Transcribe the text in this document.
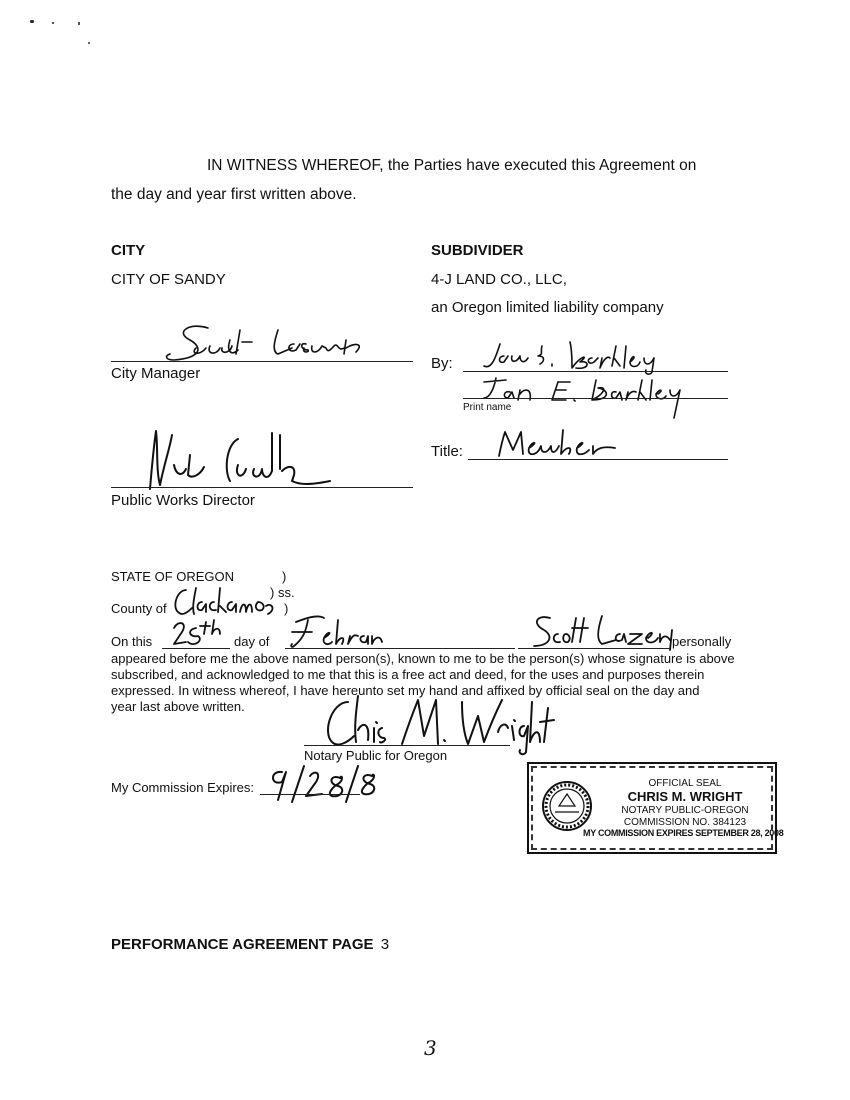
IN WITNESS WHEREOF, the Parties have executed this Agreement on
the day and year first written above.
CITY
CITY OF SANDY
City Manager
Public Works Director
SUBDIVIDER
4-J LAND CO., LLC,
an Oregon limited liability company
By:
Print name
Title:
STATE OF OREGON	)
) ss.
County of	)
On this	day of	personally
appeared before me the above named person(s), known to me to be the person(s) whose signature is above
subscribed, and acknowledged to me that this is a free act and deed, for the uses and purposes therein
expressed. In witness whereof, I have hereunto set my hand and affixed by official seal on the day and
year last above written.
Notary Public for Oregon
My Commission Expires:	OFFICIAL SEAL
CHRIS M. WRIGHT
NOTARY PUBLIC-OREGON
COMMISSION NO. 384123
MY COMMISSION EXPIRES SEPTEMBER 28, 2008
PERFORMANCE AGREEMENT PAGE 3
3
